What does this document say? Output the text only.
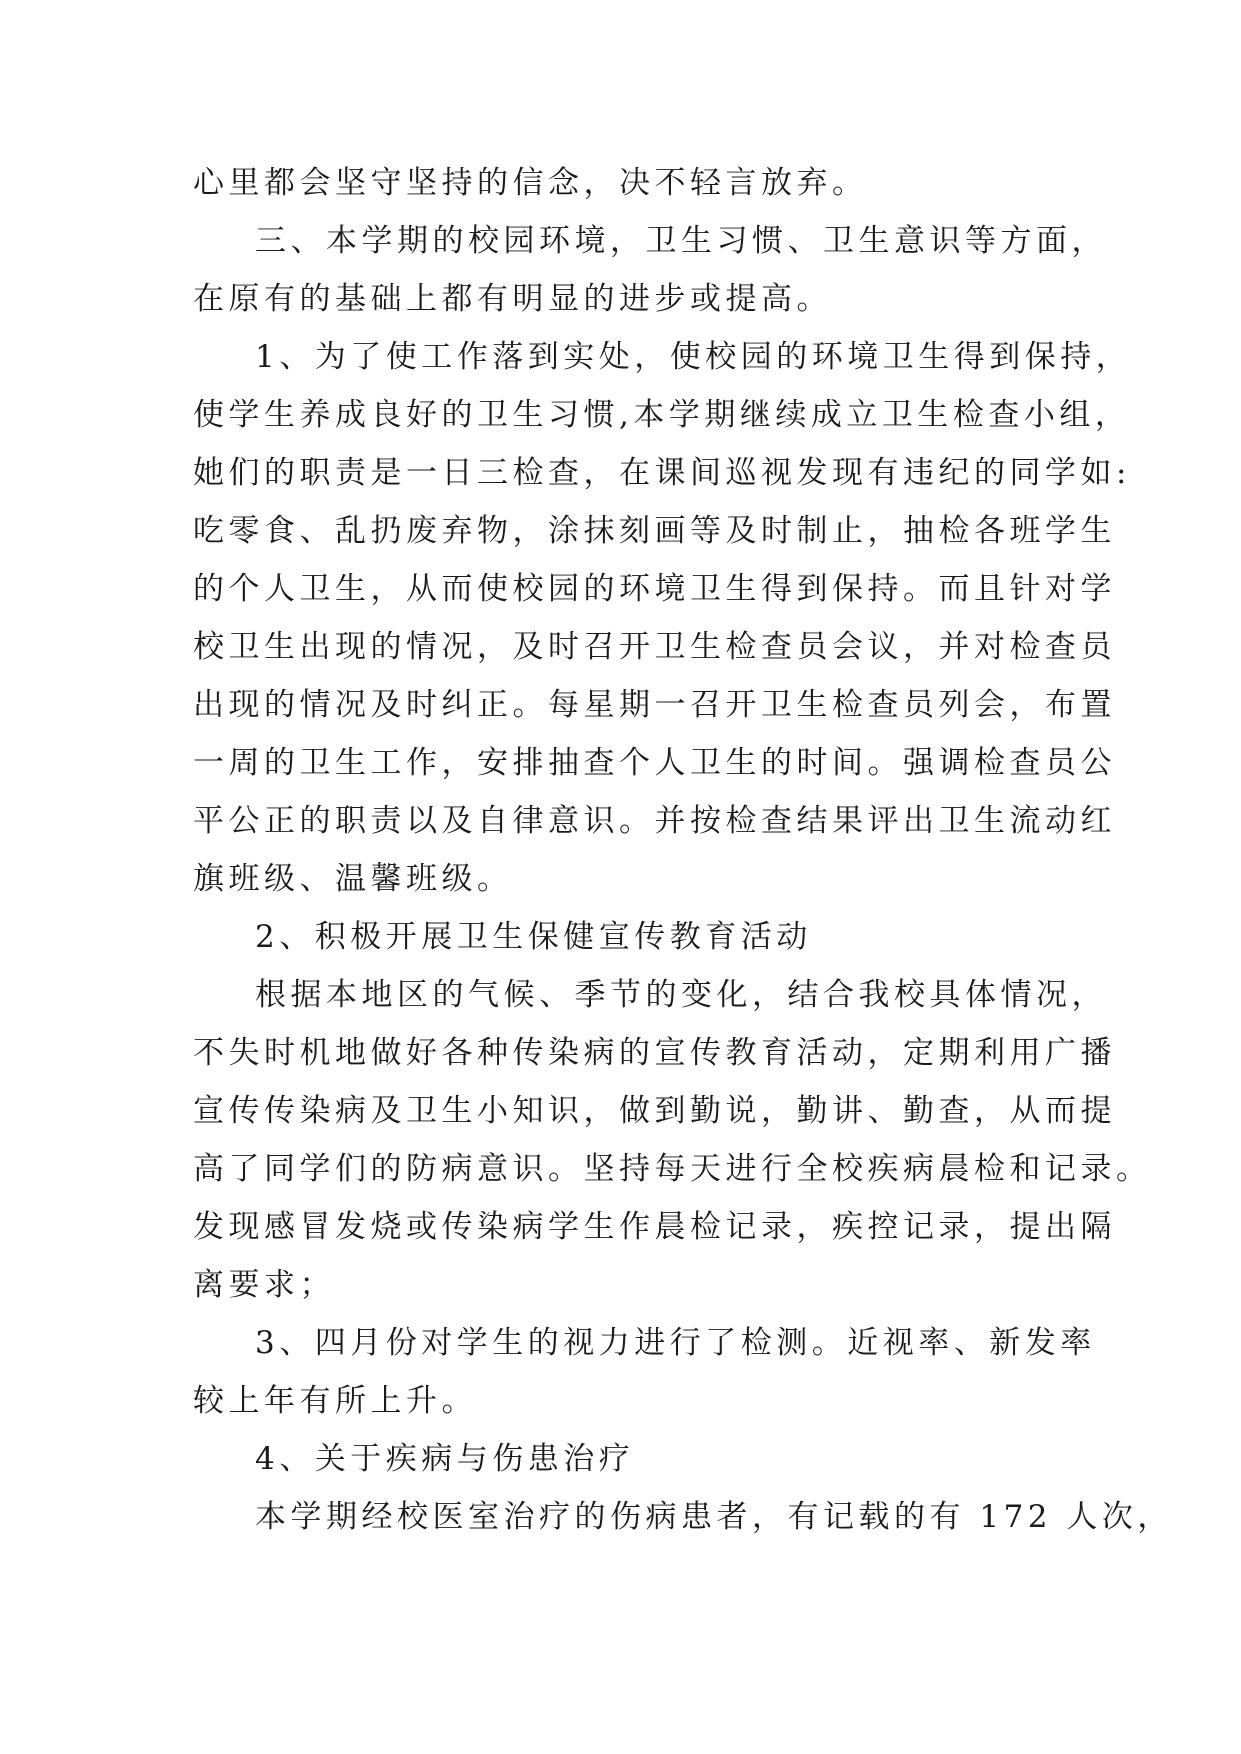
心里都会坚守坚持的信念，决不轻言放弃。
三、本学期的校园环境，卫生习惯、卫生意识等方面，
在原有的基础上都有明显的进步或提高。
1、为了使工作落到实处，使校园的环境卫生得到保持，
使学生养成良好的卫生习惯,本学期继续成立卫生检查小组，
她们的职责是一日三检查，在课间巡视发现有违纪的同学如:
吃零食、乱扔废弃物，涂抹刻画等及时制止，抽检各班学生
的个人卫生，从而使校园的环境卫生得到保持。而且针对学
校卫生出现的情况，及时召开卫生检查员会议，并对检查员
出现的情况及时纠正。每星期一召开卫生检查员列会，布置
一周的卫生工作，安排抽查个人卫生的时间。强调检查员公
平公正的职责以及自律意识。并按检查结果评出卫生流动红
旗班级、温馨班级。
2、积极开展卫生保健宣传教育活动
根据本地区的气候、季节的变化，结合我校具体情况，
不失时机地做好各种传染病的宣传教育活动，定期利用广播
宣传传染病及卫生小知识，做到勤说，勤讲、勤查，从而提
高了同学们的防病意识。坚持每天进行全校疾病晨检和记录。
发现感冒发烧或传染病学生作晨检记录，疾控记录，提出隔
离要求；
3、四月份对学生的视力进行了检测。近视率、新发率
较上年有所上升。
4、关于疾病与伤患治疗
本学期经校医室治疗的伤病患者，有记载的有 172 人次，
